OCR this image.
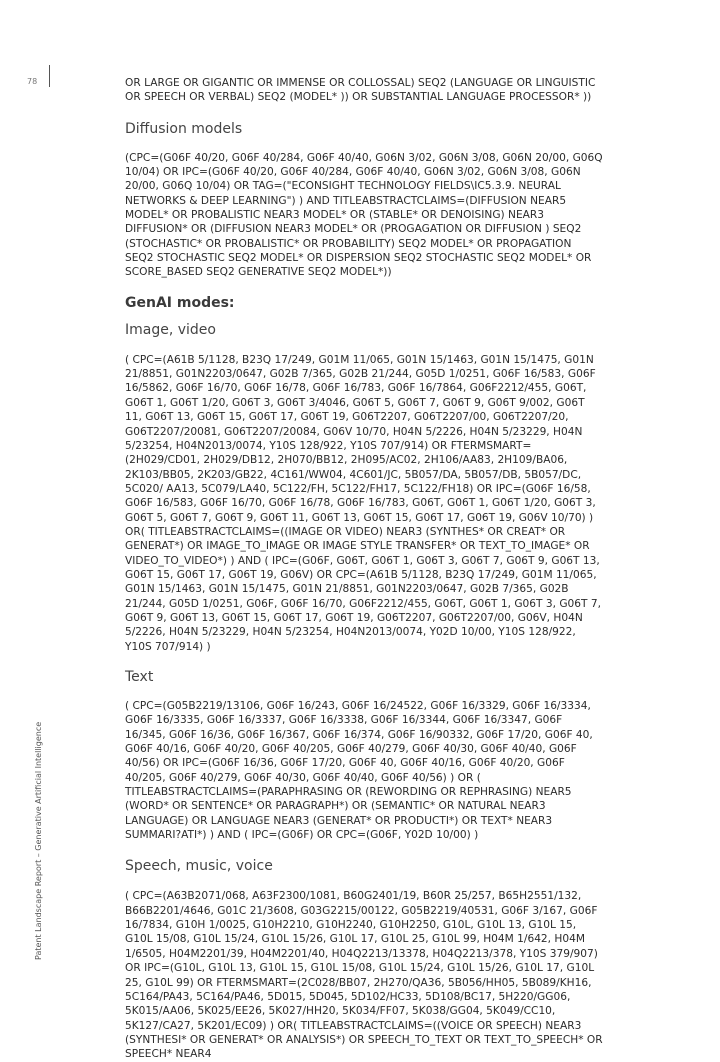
78
Patent Landscape Report – Generative Artificial Intelligence

OR LARGE OR GIGANTIC OR IMMENSE OR COLLOSSAL) SEQ2 (LANGUAGE OR LINGUISTIC OR SPEECH OR VERBAL) SEQ2 (MODEL* )) OR SUBSTANTIAL LANGUAGE PROCESSOR* ))

Diffusion models

(CPC=(G06F 40/20, G06F 40/284, G06F 40/40, G06N 3/02, G06N 3/08, G06N 20/00, G06Q 10/04) OR IPC=(G06F 40/20, G06F 40/284, G06F 40/40, G06N 3/02, G06N 3/08, G06N 20/00, G06Q 10/04) OR TAG=("ECONSIGHT TECHNOLOGY FIELDS\IC5.3.9. NEURAL NETWORKS & DEEP LEARNING") ) AND TITLEABSTRACTCLAIMS=(DIFFUSION NEAR5 MODEL* OR PROBALISTIC NEAR3 MODEL* OR (STABLE* OR DENOISING) NEAR3 DIFFUSION* OR (DIFFUSION NEAR3 MODEL* OR (PROGAGATION OR DIFFUSION ) SEQ2 (STOCHASTIC* OR PROBALISTIC* OR PROBABILITY) SEQ2 MODEL* OR PROPAGATION SEQ2 STOCHASTIC SEQ2 MODEL* OR DISPERSION SEQ2 STOCHASTIC SEQ2 MODEL* OR SCORE_BASED SEQ2 GENERATIVE SEQ2 MODEL*))

GenAI modes:
Image, video

( CPC=(A61B 5/1128, B23Q 17/249, G01M 11/065, G01N 15/1463, G01N 15/1475, G01N 21/8851, G01N2203/0647, G02B 7/365, G02B 21/244, G05D 1/0251, G06F 16/583, G06F 16/5862, G06F 16/70, G06F 16/78, G06F 16/783, G06F 16/7864, G06F2212/455, G06T, G06T 1, G06T 1/20, G06T 3, G06T 3/4046, G06T 5, G06T 7, G06T 9, G06T 9/002, G06T 11, G06T 13, G06T 15, G06T 17, G06T 19, G06T2207, G06T2207/00, G06T2207/20, G06T2207/20081, G06T2207/20084, G06V 10/70, H04N 5/2226, H04N 5/23229, H04N 5/23254, H04N2013/0074, Y10S 128/922, Y10S 707/914) OR FTERMSMART=(2H029/CD01, 2H029/DB12, 2H070/BB12, 2H095/AC02, 2H106/AA83, 2H109/BA06, 2K103/BB05, 2K203/GB22, 4C161/WW04, 4C601/JC, 5B057/DA, 5B057/DB, 5B057/DC, 5C020/ AA13, 5C079/LA40, 5C122/FH, 5C122/FH17, 5C122/FH18) OR IPC=(G06F 16/58, G06F 16/583, G06F 16/70, G06F 16/78, G06F 16/783, G06T, G06T 1, G06T 1/20, G06T 3, G06T 5, G06T 7, G06T 9, G06T 11, G06T 13, G06T 15, G06T 17, G06T 19, G06V 10/70) ) OR( TITLEABSTRACTCLAIMS=((IMAGE OR VIDEO) NEAR3 (SYNTHES* OR CREAT* OR GENERAT*) OR IMAGE_TO_IMAGE OR IMAGE STYLE TRANSFER* OR TEXT_TO_IMAGE* OR VIDEO_TO_VIDEO*) ) AND ( IPC=(G06F, G06T, G06T 1, G06T 3, G06T 7, G06T 9, G06T 13, G06T 15, G06T 17, G06T 19, G06V) OR CPC=(A61B 5/1128, B23Q 17/249, G01M 11/065, G01N 15/1463, G01N 15/1475, G01N 21/8851, G01N2203/0647, G02B 7/365, G02B 21/244, G05D 1/0251, G06F, G06F 16/70, G06F2212/455, G06T, G06T 1, G06T 3, G06T 7, G06T 9, G06T 13, G06T 15, G06T 17, G06T 19, G06T2207, G06T2207/00, G06V, H04N 5/2226, H04N 5/23229, H04N 5/23254, H04N2013/0074, Y02D 10/00, Y10S 128/922, Y10S 707/914) )

Text

( CPC=(G05B2219/13106, G06F 16/243, G06F 16/24522, G06F 16/3329, G06F 16/3334, G06F 16/3335, G06F 16/3337, G06F 16/3338, G06F 16/3344, G06F 16/3347, G06F 16/345, G06F 16/36, G06F 16/367, G06F 16/374, G06F 16/90332, G06F 17/20, G06F 40, G06F 40/16, G06F 40/20, G06F 40/205, G06F 40/279, G06F 40/30, G06F 40/40, G06F 40/56) OR IPC=(G06F 16/36, G06F 17/20, G06F 40, G06F 40/16, G06F 40/20, G06F 40/205, G06F 40/279, G06F 40/30, G06F 40/40, G06F 40/56) ) OR ( TITLEABSTRACTCLAIMS=(PARAPHRASING OR (REWORDING OR REPHRASING) NEAR5 (WORD* OR SENTENCE* OR PARAGRAPH*) OR (SEMANTIC* OR NATURAL NEAR3 LANGUAGE) OR LANGUAGE NEAR3 (GENERAT* OR PRODUCTI*) OR TEXT* NEAR3 SUMMARI?ATI*) ) AND ( IPC=(G06F) OR CPC=(G06F, Y02D 10/00) )

Speech, music, voice

( CPC=(A63B2071/068, A63F2300/1081, B60G2401/19, B60R 25/257, B65H2551/132, B66B2201/4646, G01C 21/3608, G03G2215/00122, G05B2219/40531, G06F 3/167, G06F 16/7834, G10H 1/0025, G10H2210, G10H2240, G10H2250, G10L, G10L 13, G10L 15, G10L 15/08, G10L 15/24, G10L 15/26, G10L 17, G10L 25, G10L 99, H04M 1/642, H04M 1/6505, H04M2201/39, H04M2201/40, H04Q2213/13378, H04Q2213/378, Y10S 379/907) OR IPC=(G10L, G10L 13, G10L 15, G10L 15/08, G10L 15/24, G10L 15/26, G10L 17, G10L 25, G10L 99) OR FTERMSMART=(2C028/BB07, 2H270/QA36, 5B056/HH05, 5B089/KH16, 5C164/PA43, 5C164/PA46, 5D015, 5D045, 5D102/HC33, 5D108/BC17, 5H220/GG06, 5K015/AA06, 5K025/EE26, 5K027/HH20, 5K034/FF07, 5K038/GG04, 5K049/CC10, 5K127/CA27, 5K201/EC09) ) OR( TITLEABSTRACTCLAIMS=((VOICE OR SPEECH) NEAR3 (SYNTHESI* OR GENERAT* OR ANALYSIS*) OR SPEECH_TO_TEXT OR TEXT_TO_SPEECH* OR SPEECH* NEAR4
